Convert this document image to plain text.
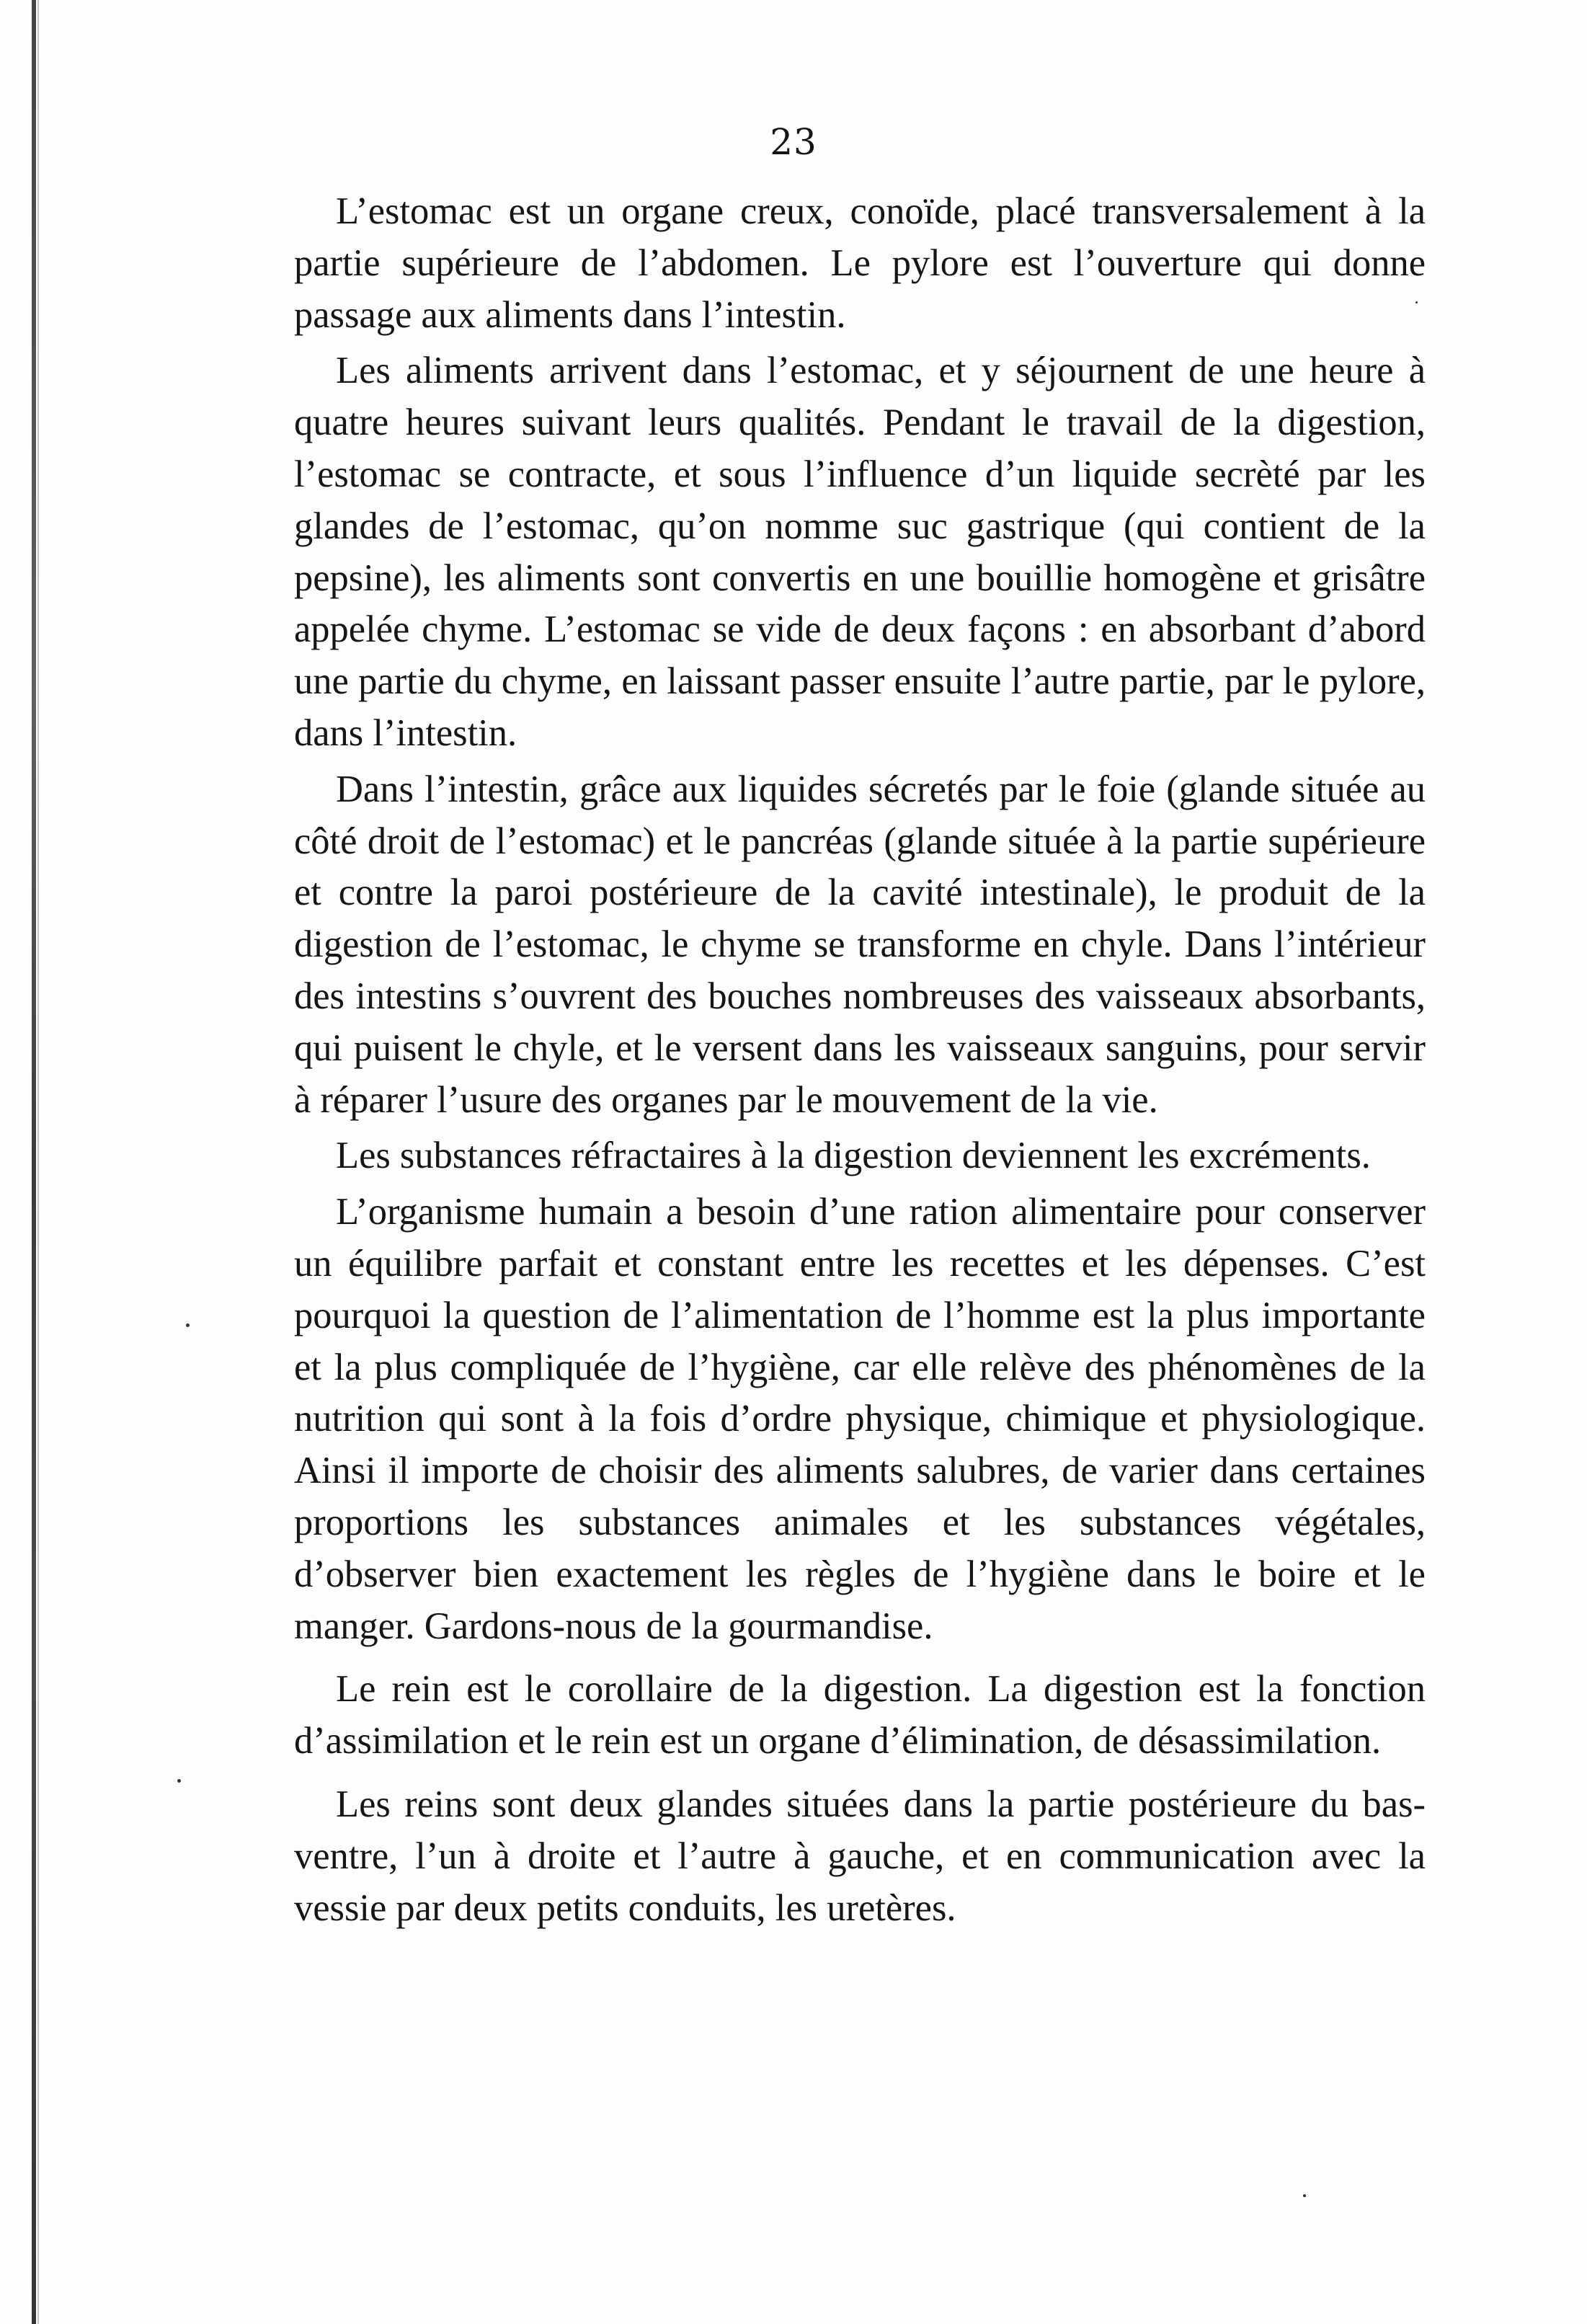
23

L’estomac est un organe creux, conoïde, placé transversalement à la partie supérieure de l’abdomen. Le pylore est l’ouverture qui donne passage aux aliments dans l’intestin.

Les aliments arrivent dans l’estomac, et y séjournent de une heure à quatre heures suivant leurs qualités. Pendant le travail de la digestion, l’estomac se contracte, et sous l’influence d’un liquide secrèté par les glandes de l’estomac, qu’on nomme suc gastrique (qui contient de la pepsine), les aliments sont convertis en une bouillie homogène et grisâtre appelée chyme. L’estomac se vide de deux façons : en absorbant d’abord une partie du chyme, en laissant passer ensuite l’autre partie, par le pylore, dans l’intestin.

Dans l’intestin, grâce aux liquides sécretés par le foie (glande située au côté droit de l’estomac) et le pancréas (glande située à la partie supérieure et contre la paroi postérieure de la cavité intestinale), le produit de la digestion de l’estomac, le chyme se transforme en chyle. Dans l’intérieur des intestins s’ouvrent des bouches nombreuses des vaisseaux absorbants, qui puisent le chyle, et le versent dans les vaisseaux sanguins, pour servir à réparer l’usure des organes par le mouvement de la vie.

Les substances réfractaires à la digestion deviennent les excréments.

L’organisme humain a besoin d’une ration alimentaire pour conserver un équilibre parfait et constant entre les recettes et les dépenses. C’est pourquoi la question de l’alimentation de l’homme est la plus importante et la plus compliquée de l’hygiène, car elle relève des phénomènes de la nutrition qui sont à la fois d’ordre physique, chimique et physiologique. Ainsi il importe de choisir des aliments salubres, de varier dans certaines proportions les substances animales et les substances végétales, d’observer bien exactement les règles de l’hygiène dans le boire et le manger. Gardons-nous de la gourmandise.

Le rein est le corollaire de la digestion. La digestion est la fonction d’assimilation et le rein est un organe d’élimination, de désassimilation.

Les reins sont deux glandes situées dans la partie postérieure du bas-ventre, l’un à droite et l’autre à gauche, et en communication avec la vessie par deux petits conduits, les uretères.
